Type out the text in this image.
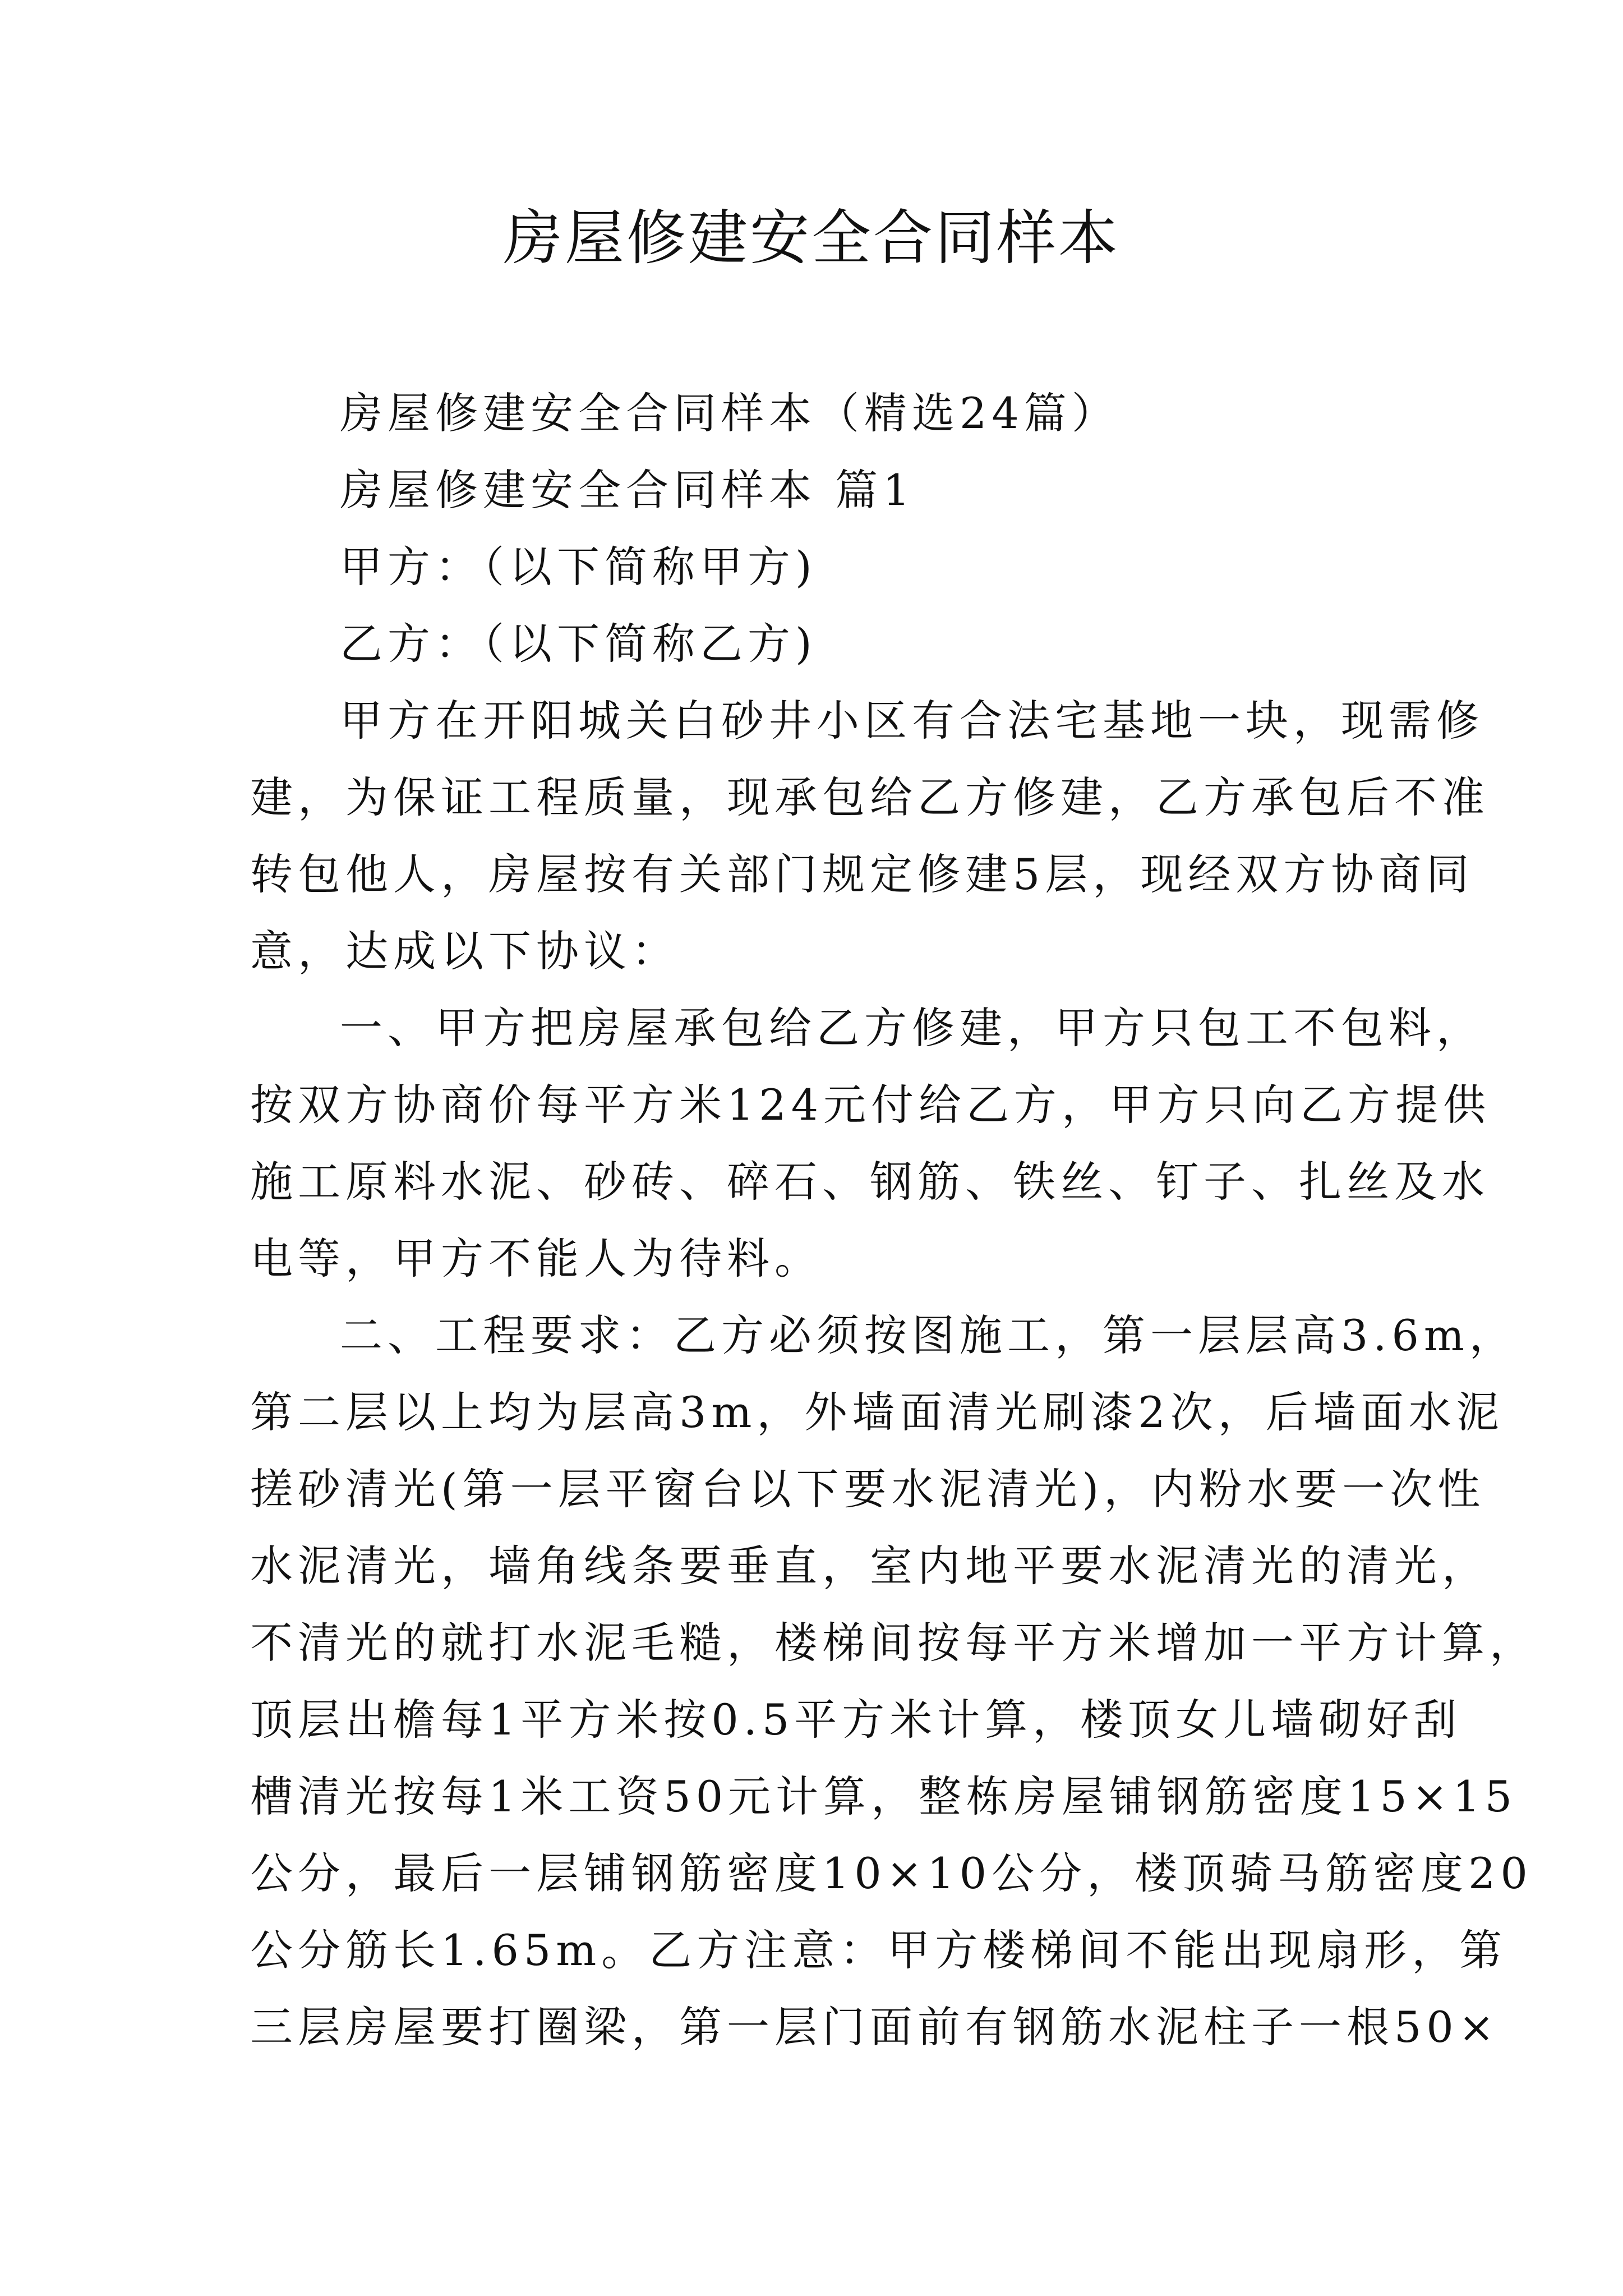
房屋修建安全合同样本
房屋修建安全合同样本（精选24篇）
房屋修建安全合同样本 篇1
甲方：（以下简称甲方)
乙方：（以下简称乙方)
甲方在开阳城关白砂井小区有合法宅基地一块，现需修
建，为保证工程质量，现承包给乙方修建，乙方承包后不准
转包他人，房屋按有关部门规定修建5层，现经双方协商同
意，达成以下协议：
一、甲方把房屋承包给乙方修建，甲方只包工不包料，
按双方协商价每平方米124元付给乙方，甲方只向乙方提供
施工原料水泥、砂砖、碎石、钢筋、铁丝、钉子、扎丝及水
电等，甲方不能人为待料。
二、工程要求：乙方必须按图施工，第一层层高3.6m，
第二层以上均为层高3m，外墙面清光刷漆2次，后墙面水泥
搓砂清光(第一层平窗台以下要水泥清光)，内粉水要一次性
水泥清光，墙角线条要垂直，室内地平要水泥清光的清光，
不清光的就打水泥毛糙，楼梯间按每平方米增加一平方计算，
顶层出檐每1平方米按0.5平方米计算，楼顶女儿墙砌好刮
槽清光按每1米工资50元计算，整栋房屋铺钢筋密度15×15
公分，最后一层铺钢筋密度10×10公分，楼顶骑马筋密度20
公分筋长1.65m。乙方注意：甲方楼梯间不能出现扇形，第
三层房屋要打圈梁，第一层门面前有钢筋水泥柱子一根50×
